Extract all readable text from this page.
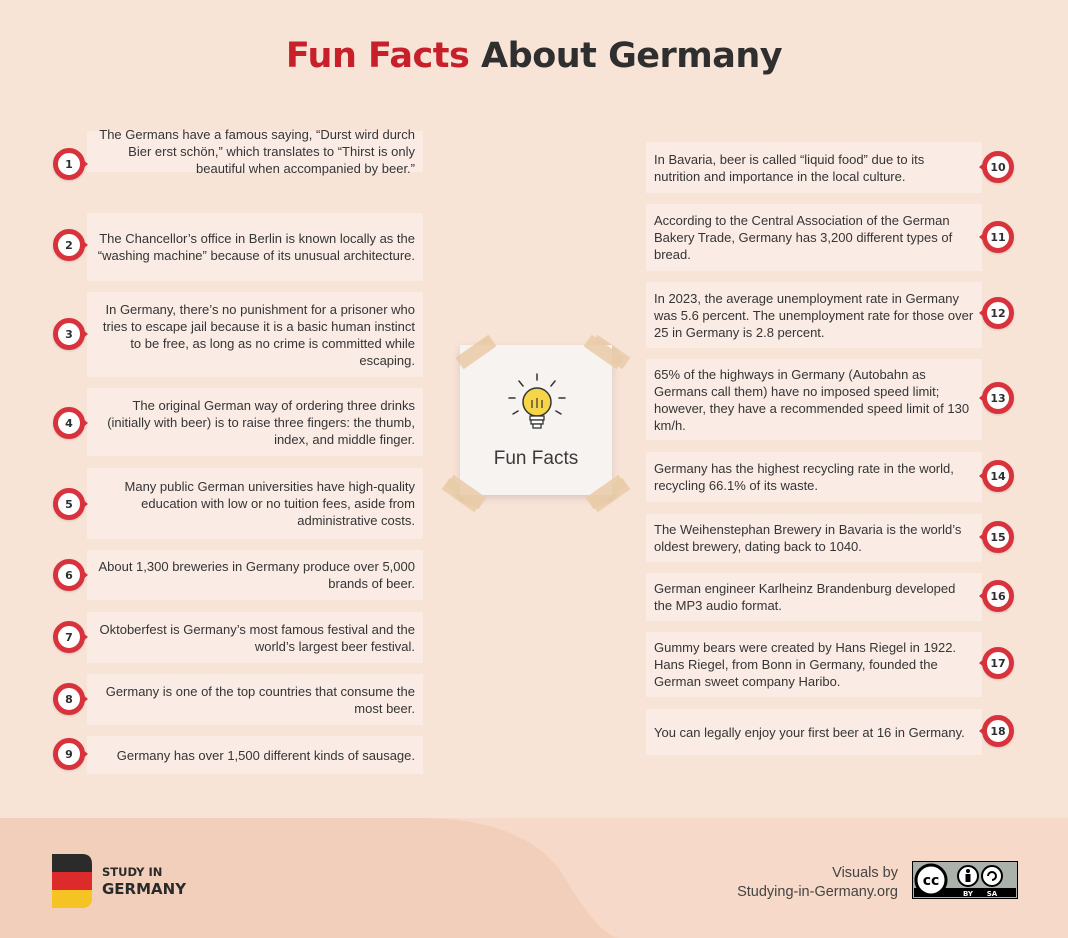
Fun Facts About Germany
The Germans have a famous saying, “Durst wird durch Bier erst schön,” which translates to “Thirst is only beautiful when accompanied by beer.”
1
The Chancellor’s office in Berlin is known locally as the “washing machine” because of its unusual architecture.
2
In Germany, there’s no punishment for a prisoner who tries to escape jail because it is a basic human instinct to be free, as long as no crime is committed while escaping.
3
The original German way of ordering three drinks (initially with beer) is to raise three fingers: the thumb, index, and middle finger.
4
Many public German universities have high-quality education with low or no tuition fees, aside from administrative costs.
5
About 1,300 breweries in Germany produce over 5,000 brands of beer.
6
Oktoberfest is Germany’s most famous festival and the world’s largest beer festival.
7
Germany is one of the top countries that consume the most beer.
8
Germany has over 1,500 different kinds of sausage.
9
Fun Facts
In Bavaria, beer is called “liquid food” due to its nutrition and importance in the local culture.
10
According to the Central Association of the German Bakery Trade, Germany has 3,200 different types of bread.
11
In 2023, the average unemployment rate in Germany was 5.6 percent. The unemployment rate for those over 25 in Germany is 2.8 percent.
12
65% of the highways in Germany (Autobahn as Germans call them) have no imposed speed limit; however, they have a recommended speed limit of 130 km/h.
13
Germany has the highest recycling rate in the world, recycling 66.1% of its waste.
14
The Weihenstephan Brewery in Bavaria is the world’s oldest brewery, dating back to 1040.
15
German engineer Karlheinz Brandenburg developed the MP3 audio format.
16
Gummy bears were created by Hans Riegel in 1922. Hans Riegel, from Bonn in Germany, founded the German sweet company Haribo.
17
You can legally enjoy your first beer at 16 in Germany. 18
STUDY IN
GERMANY
Visuals by
Studying-in-Germany.org
cc
BY SA
